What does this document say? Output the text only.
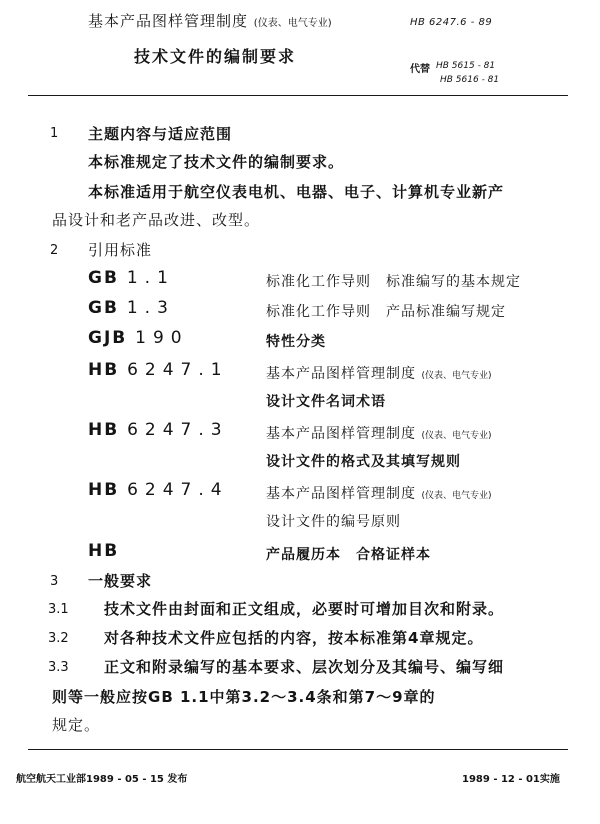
基本产品图样管理制度 (仪表、电气专业)	HB 6247.6 - 89
技术文件的编制要求
代替 HB 5615 - 81
HB 5616 - 81
1 主题内容与适应范围
本标准规定了技术文件的编制要求。
本标准适用于航空仪表电机、电器、电子、计算机专业新产
品设计和老产品改进、改型。
2 引用标准
GB 1.1	标准化工作导则　标准编写的基本规定
GB 1.3	标准化工作导则　产品标准编写规定
GJB 190	特性分类
HB 6247.1	基本产品图样管理制度 (仪表、电气专业)
设计文件名词术语
HB 6247.3	基本产品图样管理制度 (仪表、电气专业)
设计文件的格式及其填写规则
HB 6247.4	基本产品图样管理制度 (仪表、电气专业)
设计文件的编号原则
HB	产品履历本　合格证样本
3 一般要求
3.1 技术文件由封面和正文组成，必要时可增加目次和附录。
3.2 对各种技术文件应包括的内容，按本标准第4章规定。
3.3 正文和附录编写的基本要求、层次划分及其编号、编写细
则等一般应按GB 1.1中第3.2～3.4条和第7～9章的
规定。
航空航天工业部1989 - 05 - 15 发布	1989 - 12 - 01实施
